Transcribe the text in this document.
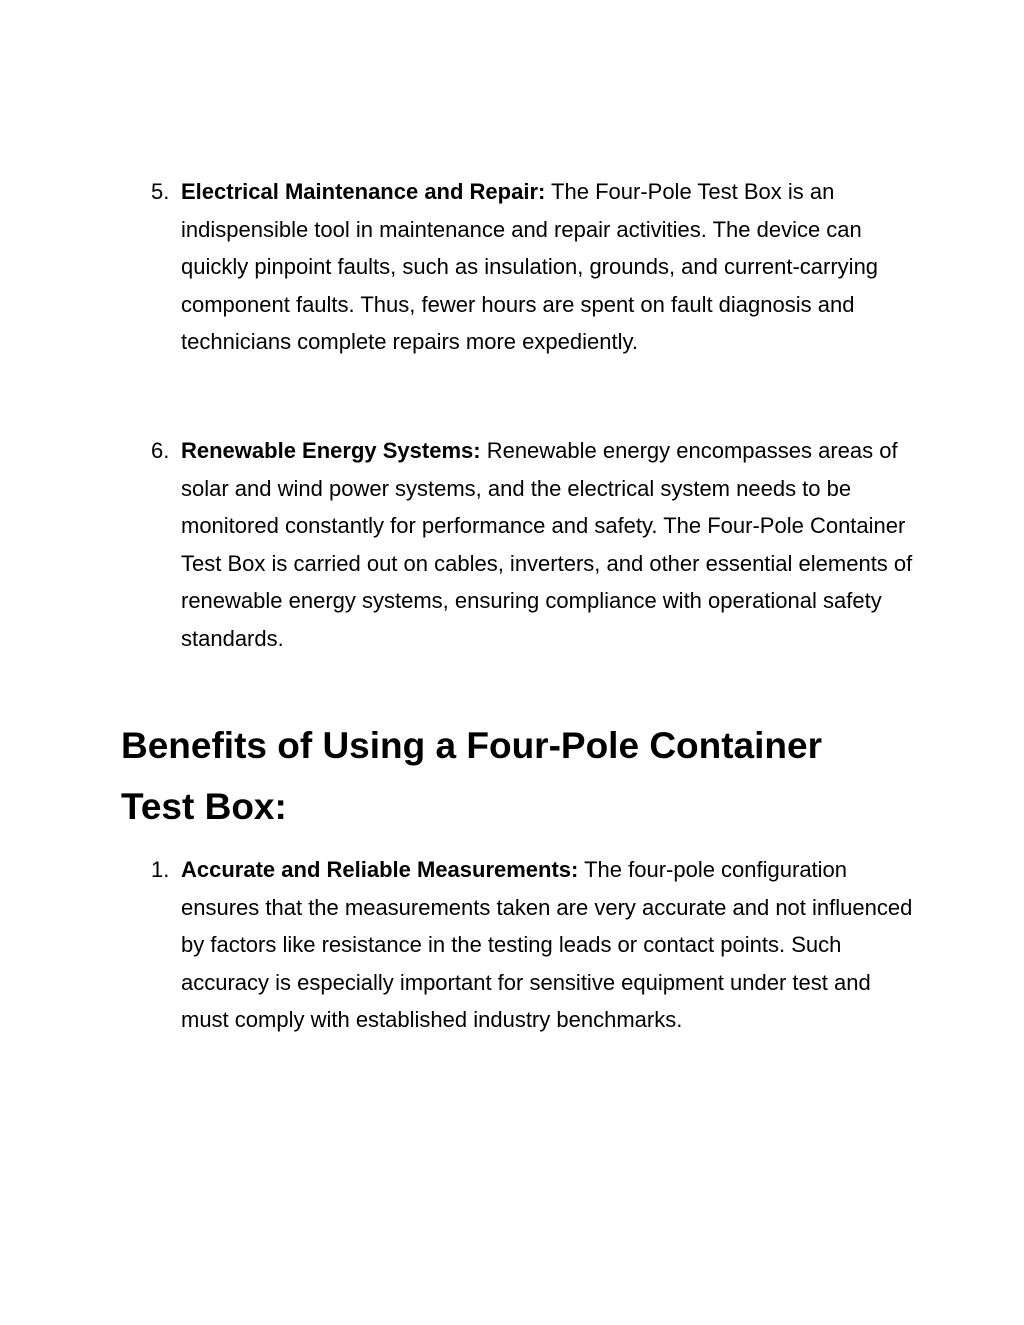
5. Electrical Maintenance and Repair: The Four-Pole Test Box is an indispensible tool in maintenance and repair activities. The device can quickly pinpoint faults, such as insulation, grounds, and current-carrying component faults. Thus, fewer hours are spent on fault diagnosis and technicians complete repairs more expediently.
6. Renewable Energy Systems: Renewable energy encompasses areas of solar and wind power systems, and the electrical system needs to be monitored constantly for performance and safety. The Four-Pole Container Test Box is carried out on cables, inverters, and other essential elements of renewable energy systems, ensuring compliance with operational safety standards.
Benefits of Using a Four-Pole Container Test Box:
1. Accurate and Reliable Measurements: The four-pole configuration ensures that the measurements taken are very accurate and not influenced by factors like resistance in the testing leads or contact points. Such accuracy is especially important for sensitive equipment under test and must comply with established industry benchmarks.
